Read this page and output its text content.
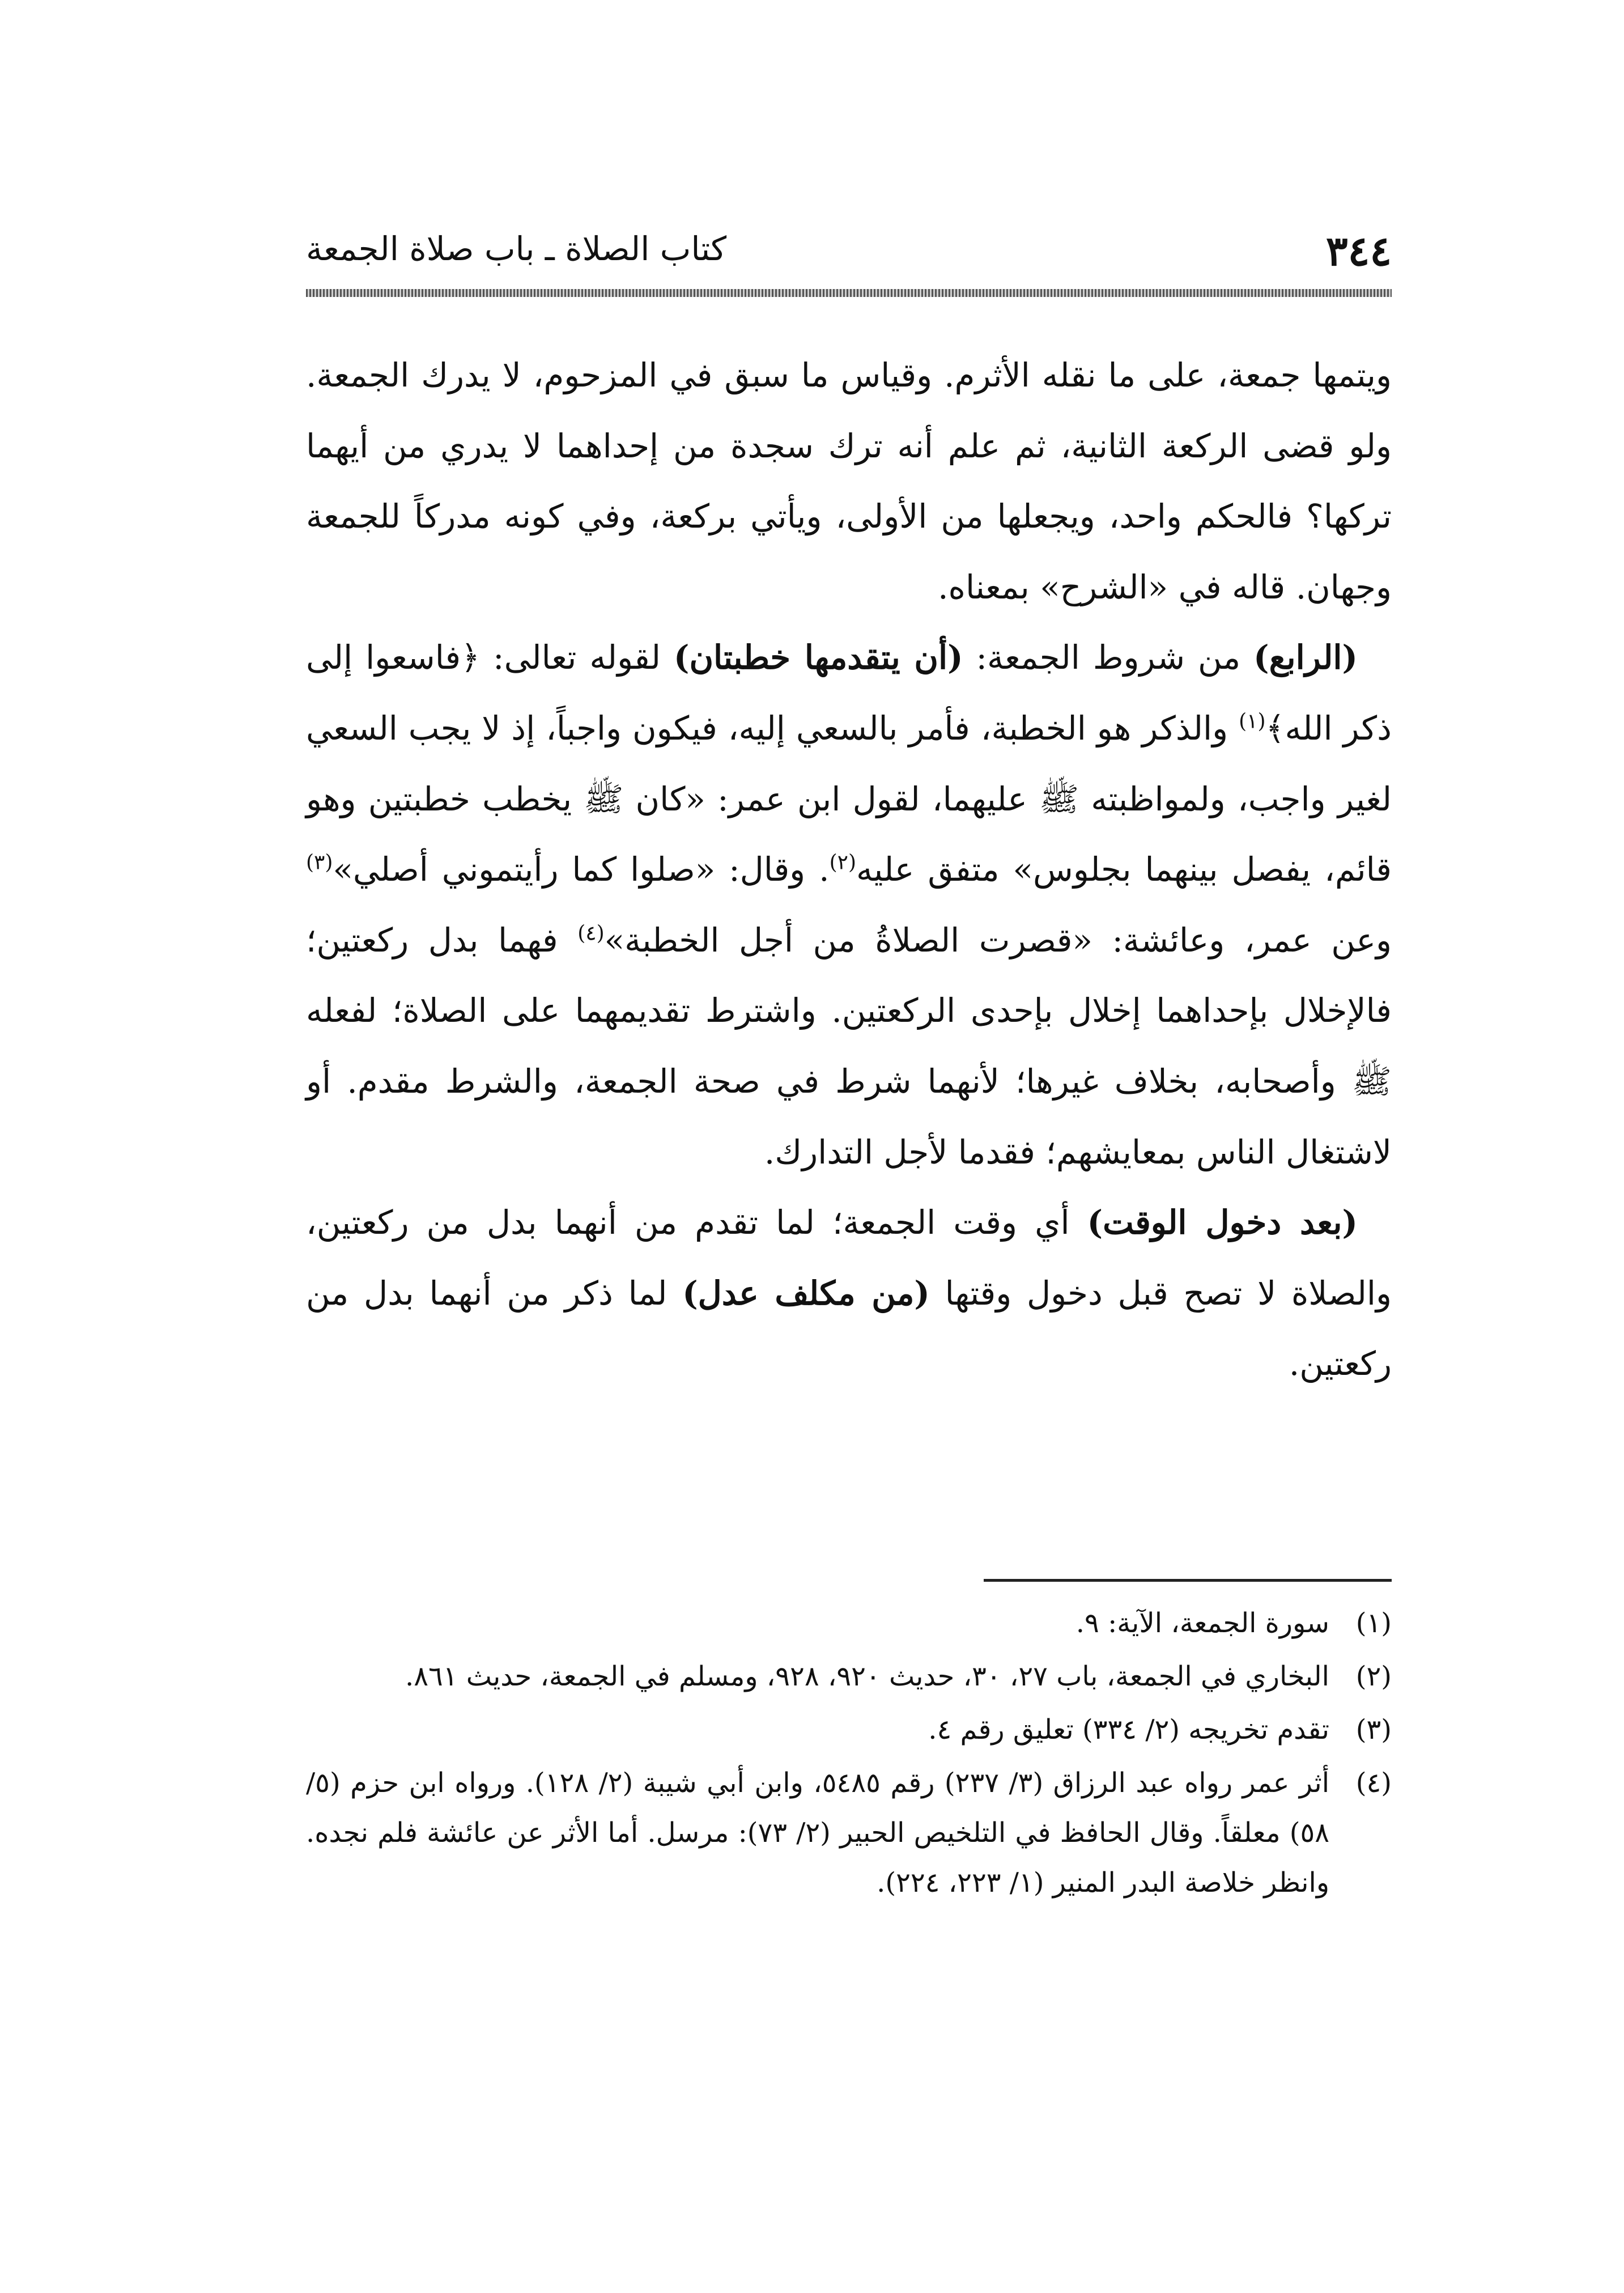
٣٤٤
كتاب الصلاة ـ باب صلاة الجمعة

ويتمها جمعة، على ما نقله الأثرم. وقياس ما سبق في المزحوم، لا يدرك الجمعة. ولو قضى الركعة الثانية، ثم علم أنه ترك سجدة من إحداهما لا يدري من أيهما تركها؟ فالحكم واحد، ويجعلها من الأولى، ويأتي بركعة، وفي كونه مدركاً للجمعة وجهان. قاله في «الشرح» بمعناه.

(الرابع) من شروط الجمعة: (أن يتقدمها خطبتان) لقوله تعالى: ﴿فاسعوا إلى ذكر الله﴾$^{(١)}$ والذكر هو الخطبة، فأمر بالسعي إليه، فيكون واجباً، إذ لا يجب السعي لغير واجب، ولمواظبته ﷺ عليهما، لقول ابن عمر: «كان ﷺ يخطب خطبتين وهو قائم، يفصل بينهما بجلوس» متفق عليه$^{(٢)}$. وقال: «صلوا كما رأيتموني أصلي»$^{(٣)}$ وعن عمر، وعائشة: «قصرت الصلاةُ من أجل الخطبة»$^{(٤)}$ فهما بدل ركعتين؛ فالإخلال بإحداهما إخلال بإحدى الركعتين. واشترط تقديمهما على الصلاة؛ لفعله ﷺ وأصحابه، بخلاف غيرها؛ لأنهما شرط في صحة الجمعة، والشرط مقدم. أو لاشتغال الناس بمعايشهم؛ فقدما لأجل التدارك.

(بعد دخول الوقت) أي وقت الجمعة؛ لما تقدم من أنهما بدل من ركعتين، والصلاة لا تصح قبل دخول وقتها (من مكلف عدل) لما ذكر من أنهما بدل من ركعتين.

(١)
سورة الجمعة، الآية: ٩.
(٢)
البخاري في الجمعة، باب ٢٧، ٣٠، حديث ٩٢٠، ٩٢٨، ومسلم في الجمعة، حديث ٨٦١.
(٣)
تقدم تخريجه (٢/ ٣٣٤) تعليق رقم ٤.
(٤)
أثر عمر رواه عبد الرزاق (٣/ ٢٣٧) رقم ٥٤٨٥، وابن أبي شيبة (٢/ ١٢٨). ورواه ابن حزم (٥/ ٥٨) معلقاً. وقال الحافظ في التلخيص الحبير (٢/ ٧٣): مرسل. أما الأثر عن عائشة فلم نجده. وانظر خلاصة البدر المنير (١/ ٢٢٣، ٢٢٤).
